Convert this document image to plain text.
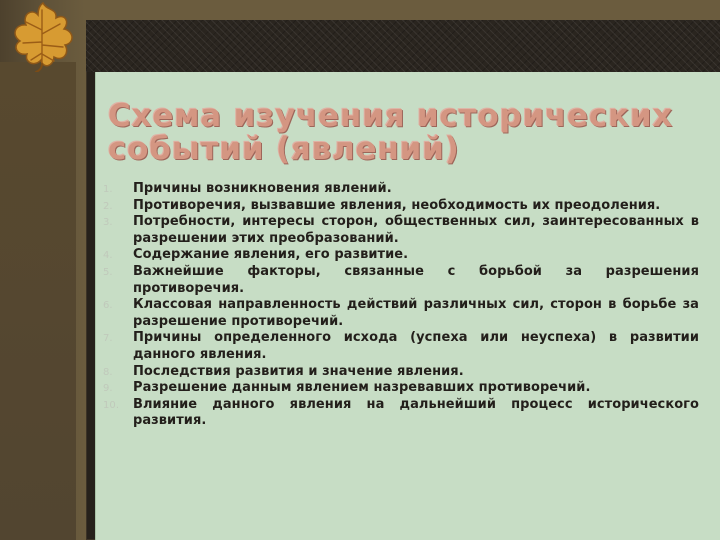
Схема изучения исторических
событий (явлений)
1.	Причины возникновения явлений.
2.	Противоречия, вызвавшие явления, необходимость их преодоления.
3.	Потребности, интересы сторон, общественных сил, заинтересованных в разрешении этих преобразований.
4.	Содержание явления, его развитие.
5.	Важнейшие факторы, связанные с борьбой за разрешения противоречия.
6.	Классовая направленность действий различных сил, сторон в борьбе за разрешение противоречий.
7.	Причины определенного исхода (успеха или неуспеха) в развитии данного явления.
8.	Последствия развития и значение явления.
9.	Разрешение данным явлением назревавших противоречий.
10.	Влияние данного явления на дальнейший процесс исторического развития.
